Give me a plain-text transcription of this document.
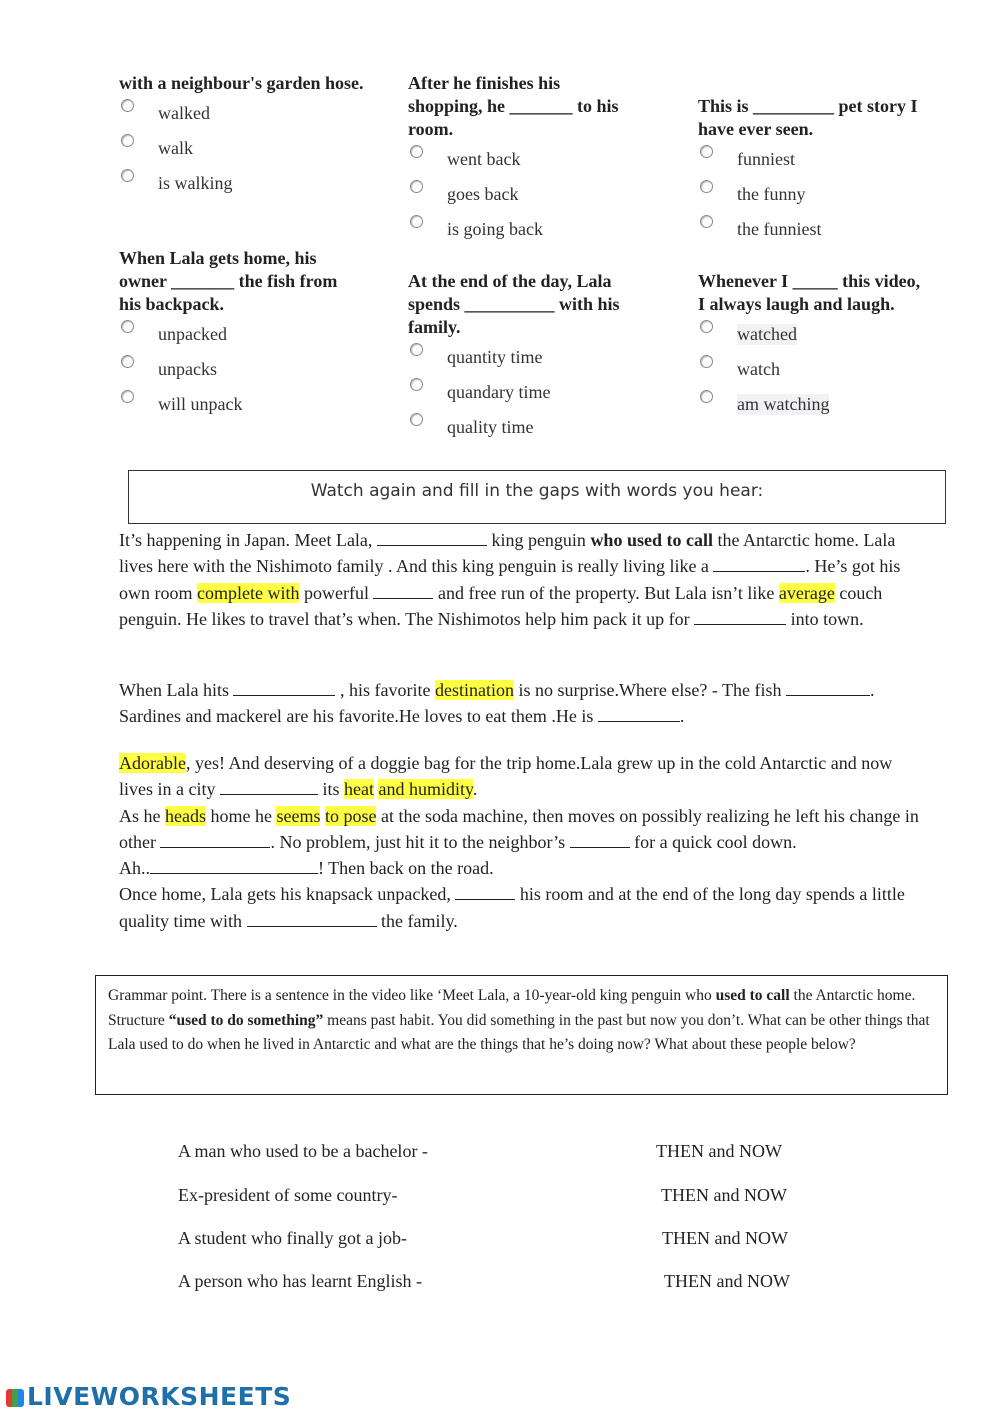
with a neighbour's garden hose.
walked
walk
is walking
After he finishes his shopping, he _______ to his room.
went back
goes back
is going back
This is _________ pet story I have ever seen.
funniest
the funny
the funniest
When Lala gets home, his owner _______ the fish from his backpack.
unpacked
unpacks
will unpack
At the end of the day, Lala spends __________ with his family.
quantity time
quandary time
quality time
Whenever I _____ this video, I always laugh and laugh.
watched
watch
am watching
Watch again and fill in the gaps with words you hear:
It’s happening in Japan. Meet Lala,	king penguin who used to call the Antarctic home. Lala lives here with the Nishimoto family . And this king penguin is really living like a	. He’s got his own room complete with powerful	and free run of the property. But Lala isn’t like average couch penguin. He likes to travel that’s when. The Nishimotos help him pack it up for	into town.
When Lala hits	, his favorite destination is no surprise.Where else? - The fish	. Sardines and mackerel are his favorite.He loves to eat them .He is	.
Adorable, yes! And deserving of a doggie bag for the trip home.Lala grew up in the cold Antarctic and now lives in a city	its heat and humidity.
As he heads home he seems to pose at the soda machine, then moves on possibly realizing he left his change in other	. No problem, just hit it to the neighbor’s	for a quick cool down.
Ah..	! Then back on the road.
Once home, Lala gets his knapsack unpacked,	his room and at the end of the long day spends a little quality time with	the family.
Grammar point. There is a sentence in the video like ‘Meet Lala, a 10-year-old king penguin who used to call the Antarctic home. Structure “used to do something” means past habit. You did something in the past but now you don’t. What can be other things that Lala used to do when he lived in Antarctic and what are the things that he’s doing now? What about these people below?
A man who used to be a bachelor -	THEN and NOW
Ex-president of some country-	THEN and NOW
A student who finally got a job-	THEN and NOW
A person who has learnt English -	THEN and NOW
LIVEWORKSHEETS
